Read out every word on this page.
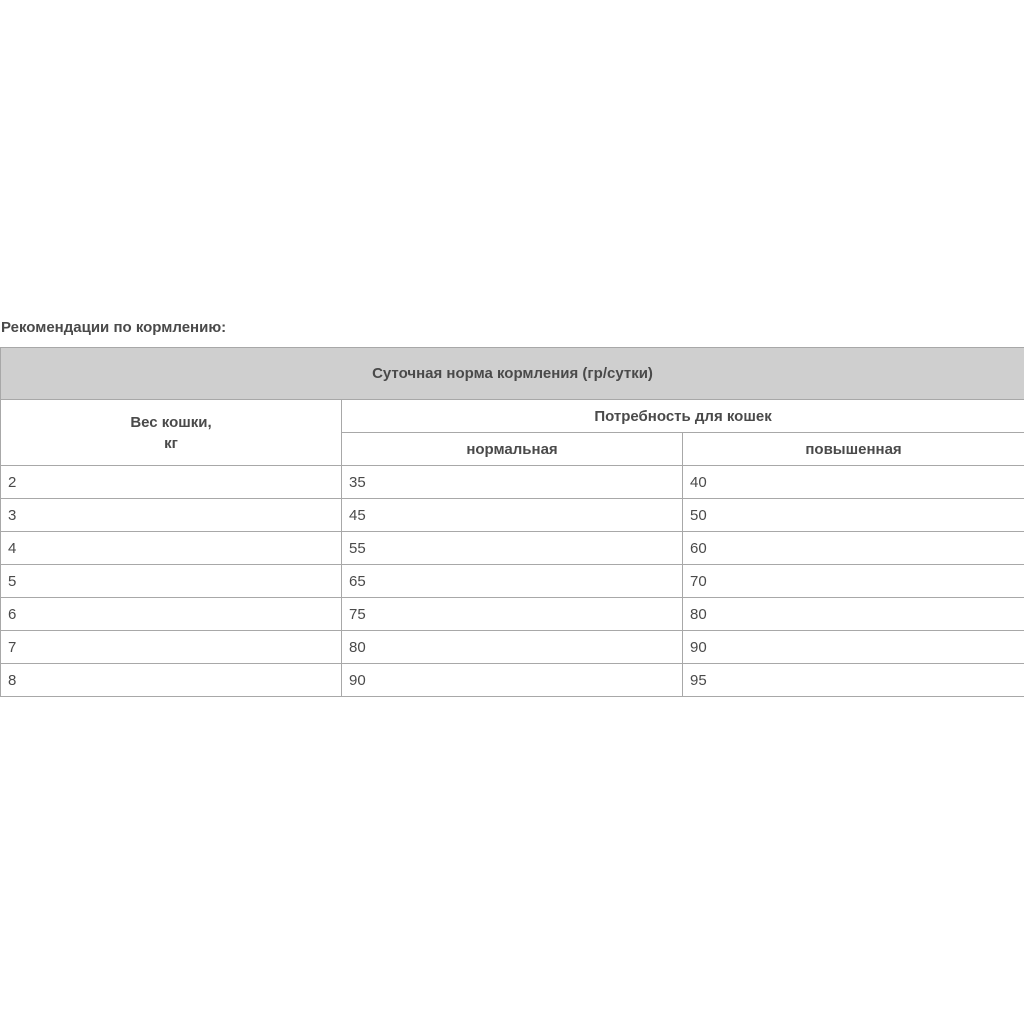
Рекомендации по кормлению:
Суточная норма кормления (гр/сутки)		

Вес кошки,
кг	Потребность для кошек	
	нормальная	повышенная
2	35	40
3	45	50
4	55	60
5	65	70
6	75	80
7	80	90
8	90	95
